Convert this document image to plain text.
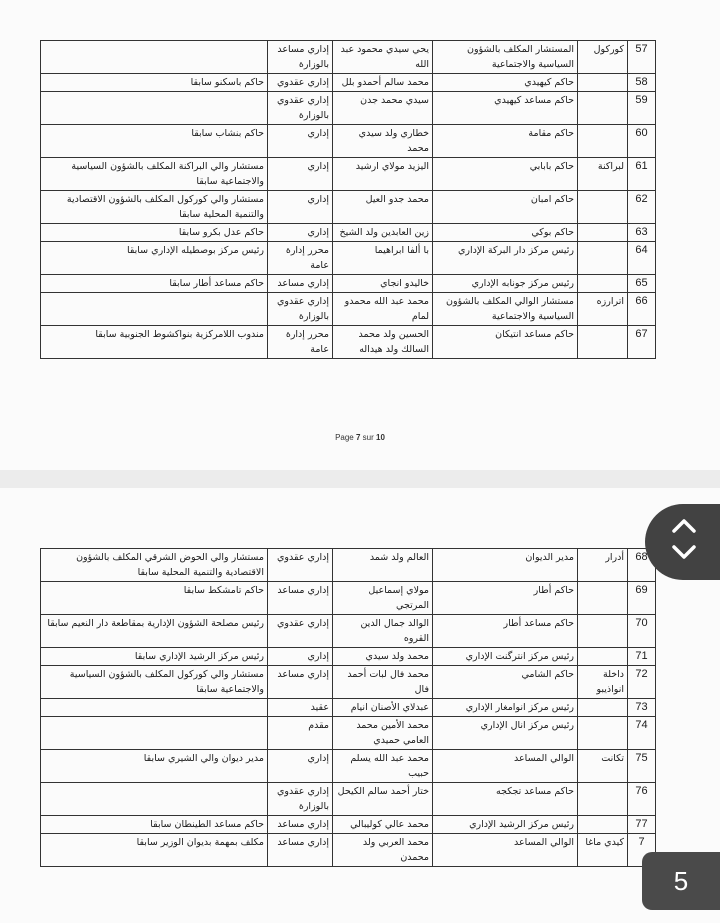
57	كوركول	المستشار المكلف بالشؤون السياسية والاجتماعية	يحي سيدي محمود عبد الله	إداري مساعد بالوزارة	
58		حاكم كيهيدي	محمد سالم أحمدو بلل	إداري عقدوي	حاكم باسكنو سابقا
59		حاكم مساعد كيهيدي	سيدي محمد جدن	إداري عقدوي بالوزارة	
60		حاكم مقامة	خطاري ولد سيدي محمد	إداري	حاكم بنشاب سابقا
61	لبراكنة	حاكم بابابي	اليزيد مولاي ارشيد	إداري	مستشار والي البراكنة المكلف بالشؤون السياسية والاجتماعية سابقا
62		حاكم امبان	محمد جدو العيل	إداري	مستشار والي كوركول المكلف بالشؤون الاقتصادية والتنمية المحلية سابقا
63		حاكم بوكي	زين العابدين ولد الشيخ	إداري	حاكم عدل بكرو سابقا
64		رئيس مركز دار البركة الإداري	با ألفا ابراهيما	محرر إدارة عامة	رئيس مركز بوصطيله الإداري سابقا
65		رئيس مركز جونابه الإداري	خاليدو انجاي	إداري مساعد	حاكم مساعد أطار سابقا
66	اترارزه	مستشار الوالي المكلف بالشؤون السياسية والاجتماعية	محمد عبد الله محمدو لمام	إداري عقدوي بالوزارة	
67		حاكم مساعد انتيكان	الحسين ولد محمد السالك ولد هيداله	محرر إدارة عامة	مندوب اللامركزية بنواكشوط الجنوبية سابقا
Page 7 sur 10
68	أدرار	مدير الديوان	العالم ولد شمد	إداري عقدوي	مستشار والي الحوض الشرقي المكلف بالشؤون الاقتصادية والتنمية المحلية سابقا
69		حاكم أطار	مولاي إسماعيل المرتجي	إداري مساعد	حاكم تامشكط سابقا
70		حاكم مساعد أطار	الوالد جمال الدين القروه	إداري عقدوي	رئيس مصلحة الشؤون الإدارية بمقاطعة دار النعيم سابقا
71		رئيس مركز انترگنت الإداري	محمد ولد سيدي	إداري	رئيس مركز الرشيد الإداري سابقا
72	داخلة انواذيبو	حاكم الشامي	محمد فال لبات أحمد فال	إداري مساعد	مستشار والي كوركول المكلف بالشؤون السياسية والاجتماعية سابقا
73		رئيس مركز انوامغار الإداري	عبدلاي الأصنان انيام	عقيد	
74		رئيس مركز انال الإداري	محمد الأمين محمد العامي حميدي	مقدم	
75	تكانت	الوالي المساعد	محمد عبد الله يسلم حبيب	إداري	مدير ديوان والي الشيري سابقا
76		حاكم مساعد تجكجه	ختار أحمد سالم الكيحل	إداري عقدوي بالوزارة	
77		رئيس مركز الرشيد الإداري	محمد عالي كوليبالي	إداري مساعد	حاكم مساعد الطينطان سابقا
7	كيدي ماغا	الوالي المساعد	محمد العربي ولد محمدن	إداري مساعد	مكلف بمهمة بديوان الوزير سابقا
5
